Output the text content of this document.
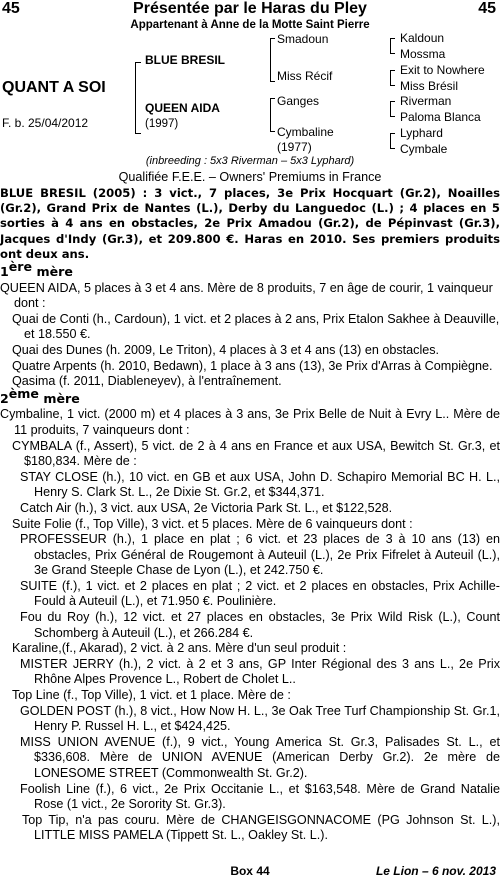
45	Présentée par le Haras du Pley	45
Appartenant à Anne de la Motte Saint Pierre
QUANT A SOI
F. b. 25/04/2012
BLUE BRESIL
QUEEN AIDA
(1997)
Smadoun
Miss Récif
Ganges
Cymbaline
(1977)
Kaldoun
Mossma
Exit to Nowhere
Miss Brésil
Riverman
Paloma Blanca
Lyphard
Cymbale
(inbreeding : 5x3 Riverman – 5x3 Lyphard)
Qualifiée F.E.E. – Owners' Premiums in France

BLUE BRESIL (2005) : 3 vict., 7 places, 3e Prix Hocquart (Gr.2), Noailles (Gr.2), Grand Prix de Nantes (L.), Derby du Languedoc (L.) ; 4 places en 5 sorties à 4 ans en obstacles, 2e Prix Amadou (Gr.2), de Pépinvast (Gr.3), Jacques d'Indy (Gr.3), et 209.800 €. Haras en 2010. Ses premiers produits ont deux ans.

1ère mère

QUEEN AIDA, 5 places à 3 et 4 ans. Mère de 8 produits, 7 en âge de courir, 1 vainqueur dont :

Quai de Conti (h., Cardoun), 1 vict. et 2 places à 2 ans, Prix Etalon Sakhee à Deauville, et 18.550 €.

Quai des Dunes (h. 2009, Le Triton), 4 places à 3 et 4 ans (13) en obstacles.

Quatre Arpents (h. 2010, Bedawn), 1 place à 3 ans (13), 3e Prix d'Arras à Compiègne.

Qasima (f. 2011, Diableneyev), à l'entraînement.

2ème mère

Cymbaline, 1 vict. (2000 m) et 4 places à 3 ans, 3e Prix Belle de Nuit à Evry L.. Mère de 11 produits, 7 vainqueurs dont :

CYMBALA (f., Assert), 5 vict. de 2 à 4 ans en France et aux USA, Bewitch St. Gr.3, et $180,834. Mère de :

STAY CLOSE (h.), 10 vict. en GB et aux USA, John D. Schapiro Memorial BC H. L., Henry S. Clark St. L., 2e Dixie St. Gr.2, et $344,371.

Catch Air (h.), 3 vict. aux USA, 2e Victoria Park St. L., et $122,528.

Suite Folie (f., Top Ville), 3 vict. et 5 places. Mère de 6 vainqueurs dont :

PROFESSEUR (h.), 1 place en plat ; 6 vict. et 23 places de 3 à 10 ans (13) en obstacles, Prix Général de Rougemont à Auteuil (L.), 2e Prix Fifrelet à Auteuil (L.), 3e Grand Steeple Chase de Lyon (L.), et 242.750 €.

SUITE (f.), 1 vict. et 2 places en plat ; 2 vict. et 2 places en obstacles, Prix Achille-Fould à Auteuil (L.), et 71.950 €. Poulinière.

Fou du Roy (h.), 12 vict. et 27 places en obstacles, 3e Prix Wild Risk (L.), Count Schomberg à Auteuil (L.), et 266.284 €.

Karaline,(f., Akarad), 2 vict. à 2 ans. Mère d'un seul produit :

MISTER JERRY (h.), 2 vict. à 2 et 3 ans, GP Inter Régional des 3 ans L., 2e Prix Rhône Alpes Provence L., Robert de Cholet L..

Top Line (f., Top Ville), 1 vict. et 1 place. Mère de :

GOLDEN POST (h.), 8 vict., How Now H. L., 3e Oak Tree Turf Championship St. Gr.1, Henry P. Russel H. L., et $424,425.

MISS UNION AVENUE (f.), 9 vict., Young America St. Gr.3, Palisades St. L., et $336,608. Mère de UNION AVENUE (American Derby Gr.2). 2e mère de LONESOME STREET (Commonwealth St. Gr.2).

Foolish Line (f.), 6 vict., 2e Prix Occitanie L., et $163,548. Mère de Grand Natalie Rose (1 vict., 2e Sorority St. Gr.3).

Top Tip, n'a pas couru. Mère de CHANGEISGONNACOME (PG Johnson St. L.), LITTLE MISS PAMELA (Tippett St. L., Oakley St. L.).

Box 44	Le Lion – 6 nov. 2013
